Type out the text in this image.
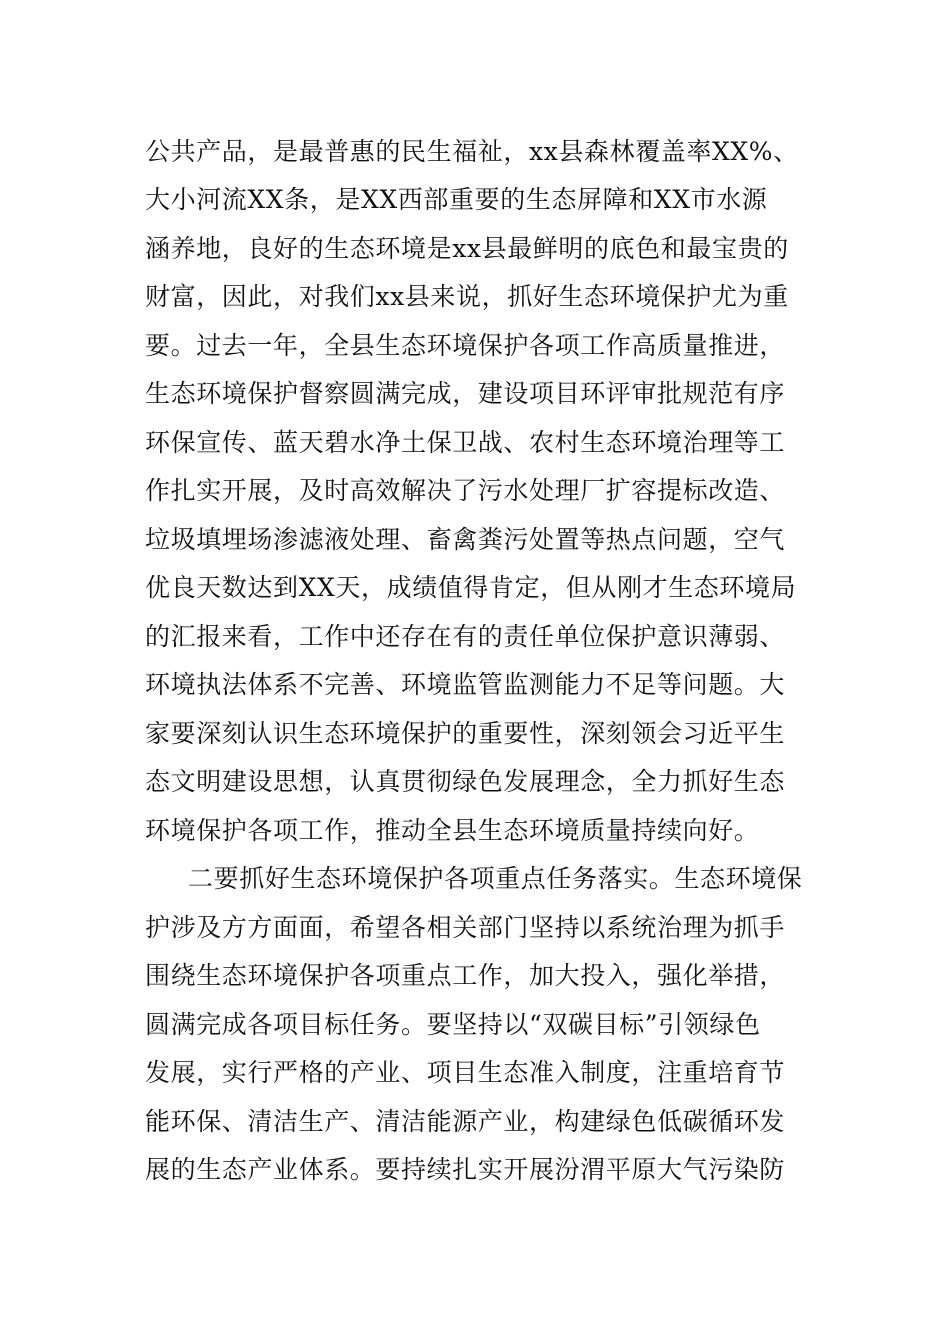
公共产品，是最普惠的民生福祉，xx县森林覆盖率XX%、
大小河流XX条，是XX西部重要的生态屏障和XX市水源
涵养地，良好的生态环境是xx县最鲜明的底色和最宝贵的
财富，因此，对我们xx县来说，抓好生态环境保护尤为重
要。过去一年，全县生态环境保护各项工作高质量推进，
生态环境保护督察圆满完成，建设项目环评审批规范有序
环保宣传、蓝天碧水净土保卫战、农村生态环境治理等工
作扎实开展，及时高效解决了污水处理厂扩容提标改造、
垃圾填埋场渗滤液处理、畜禽粪污处置等热点问题，空气
优良天数达到XX天，成绩值得肯定，但从刚才生态环境局
的汇报来看，工作中还存在有的责任单位保护意识薄弱、
环境执法体系不完善、环境监管监测能力不足等问题。大
家要深刻认识生态环境保护的重要性，深刻领会习近平生
态文明建设思想，认真贯彻绿色发展理念，全力抓好生态
环境保护各项工作，推动全县生态环境质量持续向好。
二要抓好生态环境保护各项重点任务落实。生态环境保
护涉及方方面面，希望各相关部门坚持以系统治理为抓手
围绕生态环境保护各项重点工作，加大投入，强化举措，
圆满完成各项目标任务。要坚持以“双碳目标”引领绿色
发展，实行严格的产业、项目生态准入制度，注重培育节
能环保、清洁生产、清洁能源产业，构建绿色低碳循环发
展的生态产业体系。要持续扎实开展汾渭平原大气污染防
